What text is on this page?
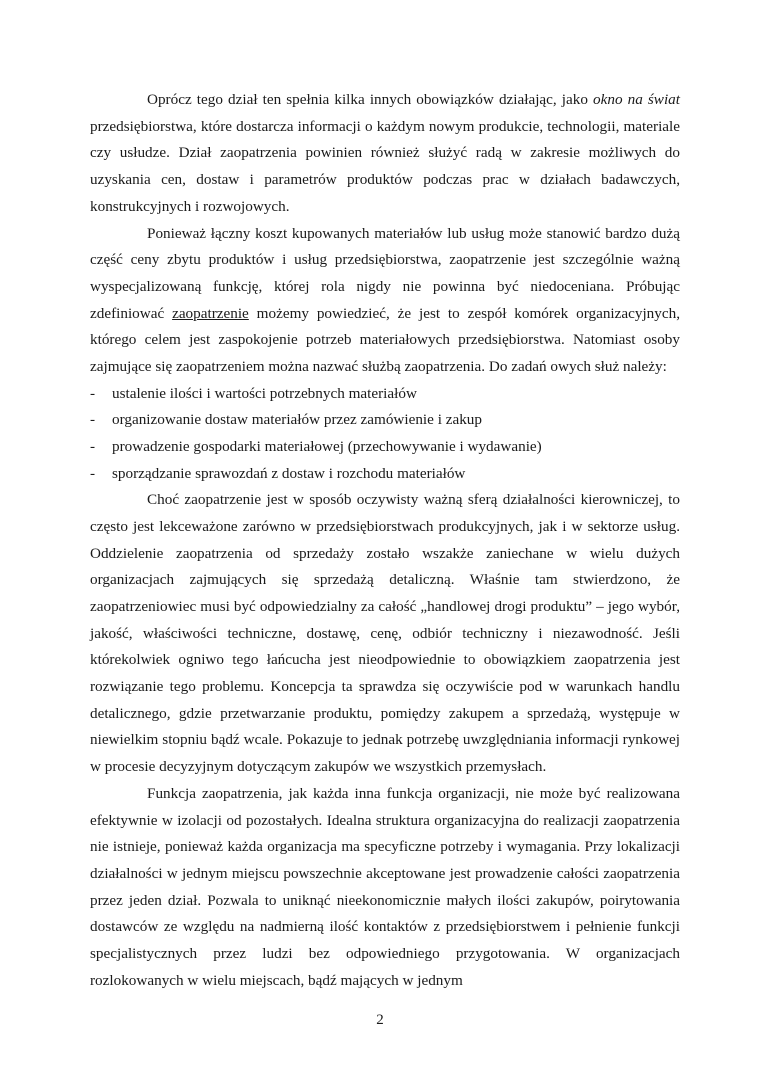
Oprócz tego dział ten spełnia kilka innych obowiązków działając, jako okno na świat przedsiębiorstwa, które dostarcza informacji o każdym nowym produkcie, technologii, materiale czy usłudze. Dział zaopatrzenia powinien również służyć radą w zakresie możliwych do uzyskania cen, dostaw i parametrów produktów podczas prac w działach badawczych, konstrukcyjnych i rozwojowych.

Ponieważ łączny koszt kupowanych materiałów lub usług może stanowić bardzo dużą część ceny zbytu produktów i usług przedsiębiorstwa, zaopatrzenie jest szczególnie ważną wyspecjalizowaną funkcję, której rola nigdy nie powinna być niedoceniana. Próbując zdefiniować zaopatrzenie możemy powiedzieć, że jest to zespół komórek organizacyjnych, którego celem jest zaspokojenie potrzeb materiałowych przedsiębiorstwa. Natomiast osoby zajmujące się zaopatrzeniem można nazwać służbą zaopatrzenia. Do zadań owych służ należy:

- ustalenie ilości i wartości potrzebnych materiałów
- organizowanie dostaw materiałów przez zamówienie i zakup
- prowadzenie gospodarki materiałowej (przechowywanie i wydawanie)
- sporządzanie sprawozdań z dostaw i rozchodu materiałów

Choć zaopatrzenie jest w sposób oczywisty ważną sferą działalności kierowniczej, to często jest lekceważone zarówno w przedsiębiorstwach produkcyjnych, jak i w sektorze usług. Oddzielenie zaopatrzenia od sprzedaży zostało wszakże zaniechane w wielu dużych organizacjach zajmujących się sprzedażą detaliczną. Właśnie tam stwierdzono, że zaopatrzeniowiec musi być odpowiedzialny za całość „handlowej drogi produktu” – jego wybór, jakość, właściwości techniczne, dostawę, cenę, odbiór techniczny i niezawodność. Jeśli którekolwiek ogniwo tego łańcucha jest nieodpowiednie to obowiązkiem zaopatrzenia jest rozwiązanie tego problemu. Koncepcja ta sprawdza się oczywiście pod w warunkach handlu detalicznego, gdzie przetwarzanie produktu, pomiędzy zakupem a sprzedażą, występuje w niewielkim stopniu bądź wcale. Pokazuje to jednak potrzebę uwzględniania informacji rynkowej w procesie decyzyjnym dotyczącym zakupów we wszystkich przemysłach.

Funkcja zaopatrzenia, jak każda inna funkcja organizacji, nie może być realizowana efektywnie w izolacji od pozostałych. Idealna struktura organizacyjna do realizacji zaopatrzenia nie istnieje, ponieważ każda organizacja ma specyficzne potrzeby i wymagania. Przy lokalizacji działalności w jednym miejscu powszechnie akceptowane jest prowadzenie całości zaopatrzenia przez jeden dział. Pozwala to uniknąć nieekonomicznie małych ilości zakupów, poirytowania dostawców ze względu na nadmierną ilość kontaktów z przedsiębiorstwem i pełnienie funkcji specjalistycznych przez ludzi bez odpowiedniego przygotowania. W organizacjach rozlokowanych w wielu miejscach, bądź mających w jednym

2
